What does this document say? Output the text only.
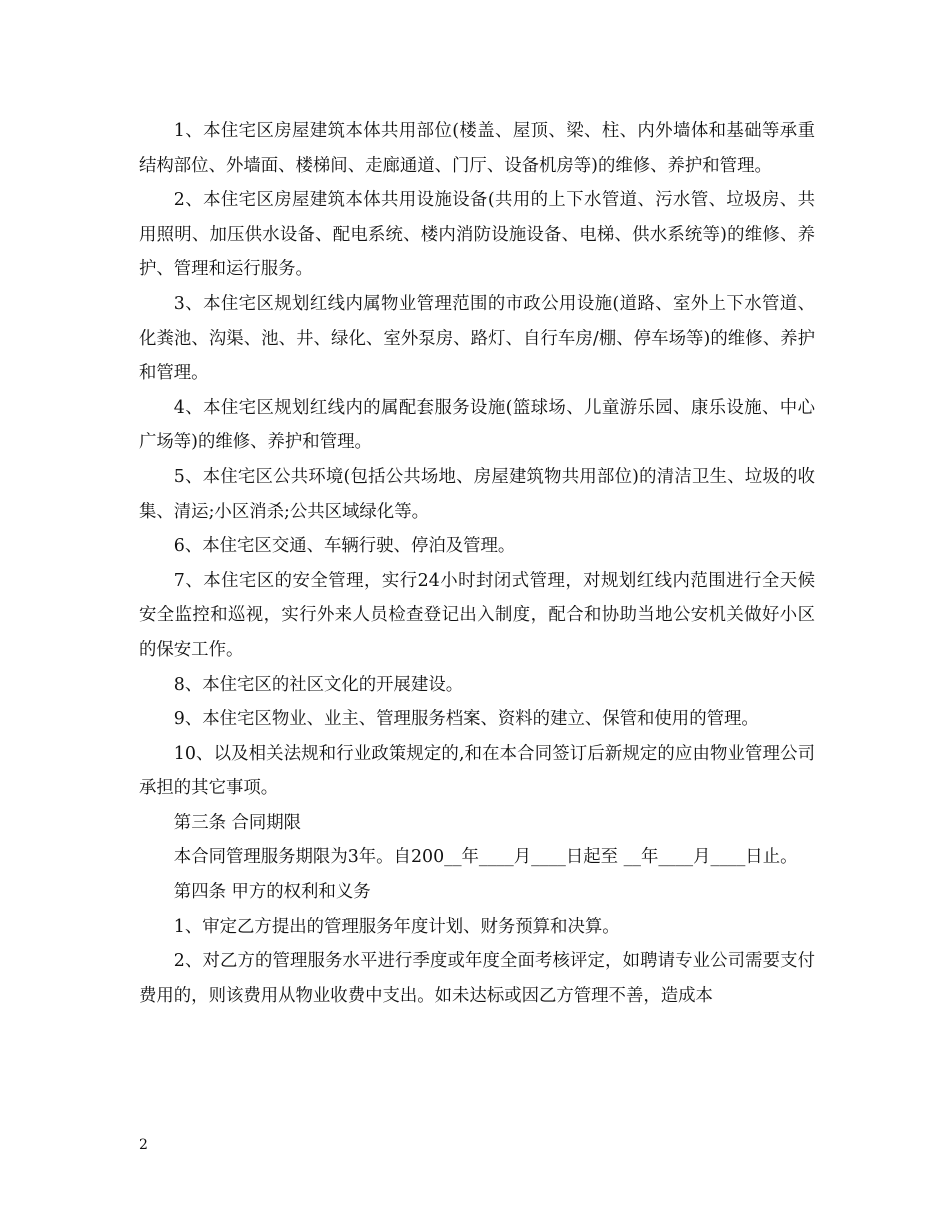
1、本住宅区房屋建筑本体共用部位(楼盖、屋顶、梁、柱、内外墙体和基础等承重结构部位、外墙面、楼梯间、走廊通道、门厅、设备机房等)的维修、养护和管理。

2、本住宅区房屋建筑本体共用设施设备(共用的上下水管道、污水管、垃圾房、共用照明、加压供水设备、配电系统、楼内消防设施设备、电梯、供水系统等)的维修、养护、管理和运行服务。

3、本住宅区规划红线内属物业管理范围的市政公用设施(道路、室外上下水管道、化粪池、沟渠、池、井、绿化、室外泵房、路灯、自行车房/棚、停车场等)的维修、养护和管理。

4、本住宅区规划红线内的属配套服务设施(篮球场、儿童游乐园、康乐设施、中心广场等)的维修、养护和管理。

5、本住宅区公共环境(包括公共场地、房屋建筑物共用部位)的清洁卫生、垃圾的收集、清运;小区消杀;公共区域绿化等。

6、本住宅区交通、车辆行驶、停泊及管理。

7、本住宅区的安全管理，实行24小时封闭式管理，对规划红线内范围进行全天候安全监控和巡视，实行外来人员检查登记出入制度，配合和协助当地公安机关做好小区的保安工作。

8、本住宅区的社区文化的开展建设。

9、本住宅区物业、业主、管理服务档案、资料的建立、保管和使用的管理。

10、以及相关法规和行业政策规定的,和在本合同签订后新规定的应由物业管理公司承担的其它事项。

第三条 合同期限

本合同管理服务期限为3年。自200__年____月____日起至 __年____月____日止。

第四条 甲方的权利和义务

1、审定乙方提出的管理服务年度计划、财务预算和决算。

2、对乙方的管理服务水平进行季度或年度全面考核评定，如聘请专业公司需要支付费用的，则该费用从物业收费中支出。如未达标或因乙方管理不善，造成本

2
